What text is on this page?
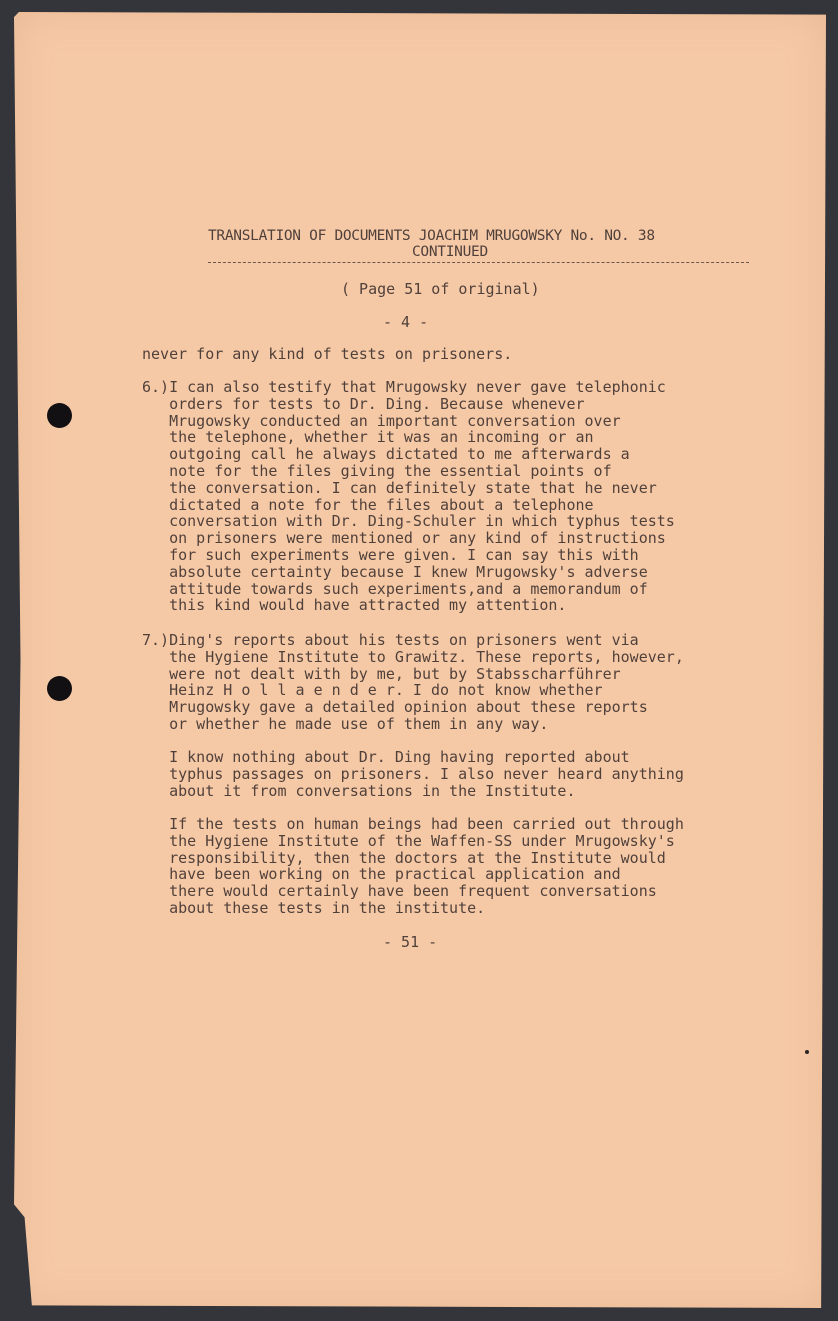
TRANSLATION OF DOCUMENTS JOACHIM MRUGOWSKY No. NO. 38
CONTINUED
( Page 51 of original)
- 4 -
never for any kind of tests on prisoners.
6.)I can also testify that Mrugowsky never gave telephonic
orders for tests to Dr. Ding. Because whenever
Mrugowsky conducted an important conversation over
the telephone, whether it was an incoming or an
outgoing call he always dictated to me afterwards a
note for the files giving the essential points of
the conversation. I can definitely state that he never
dictated a note for the files about a telephone
conversation with Dr. Ding-Schuler in which typhus tests
on prisoners were mentioned or any kind of instructions
for such experiments were given. I can say this with
absolute certainty because I knew Mrugowsky's adverse
attitude towards such experiments,and a memorandum of
this kind would have attracted my attention.
7.)Ding's reports about his tests on prisoners went via
the Hygiene Institute to Grawitz. These reports, however,
were not dealt with by me, but by Stabsscharführer
Heinz H o l l a e n d e r. I do not know whether
Mrugowsky gave a detailed opinion about these reports
or whether he made use of them in any way.
I know nothing about Dr. Ding having reported about
typhus passages on prisoners. I also never heard anything
about it from conversations in the Institute.
If the tests on human beings had been carried out through
the Hygiene Institute of the Waffen-SS under Mrugowsky's
responsibility, then the doctors at the Institute would
have been working on the practical application and
there would certainly have been frequent conversations
about these tests in the institute.
- 51 -
